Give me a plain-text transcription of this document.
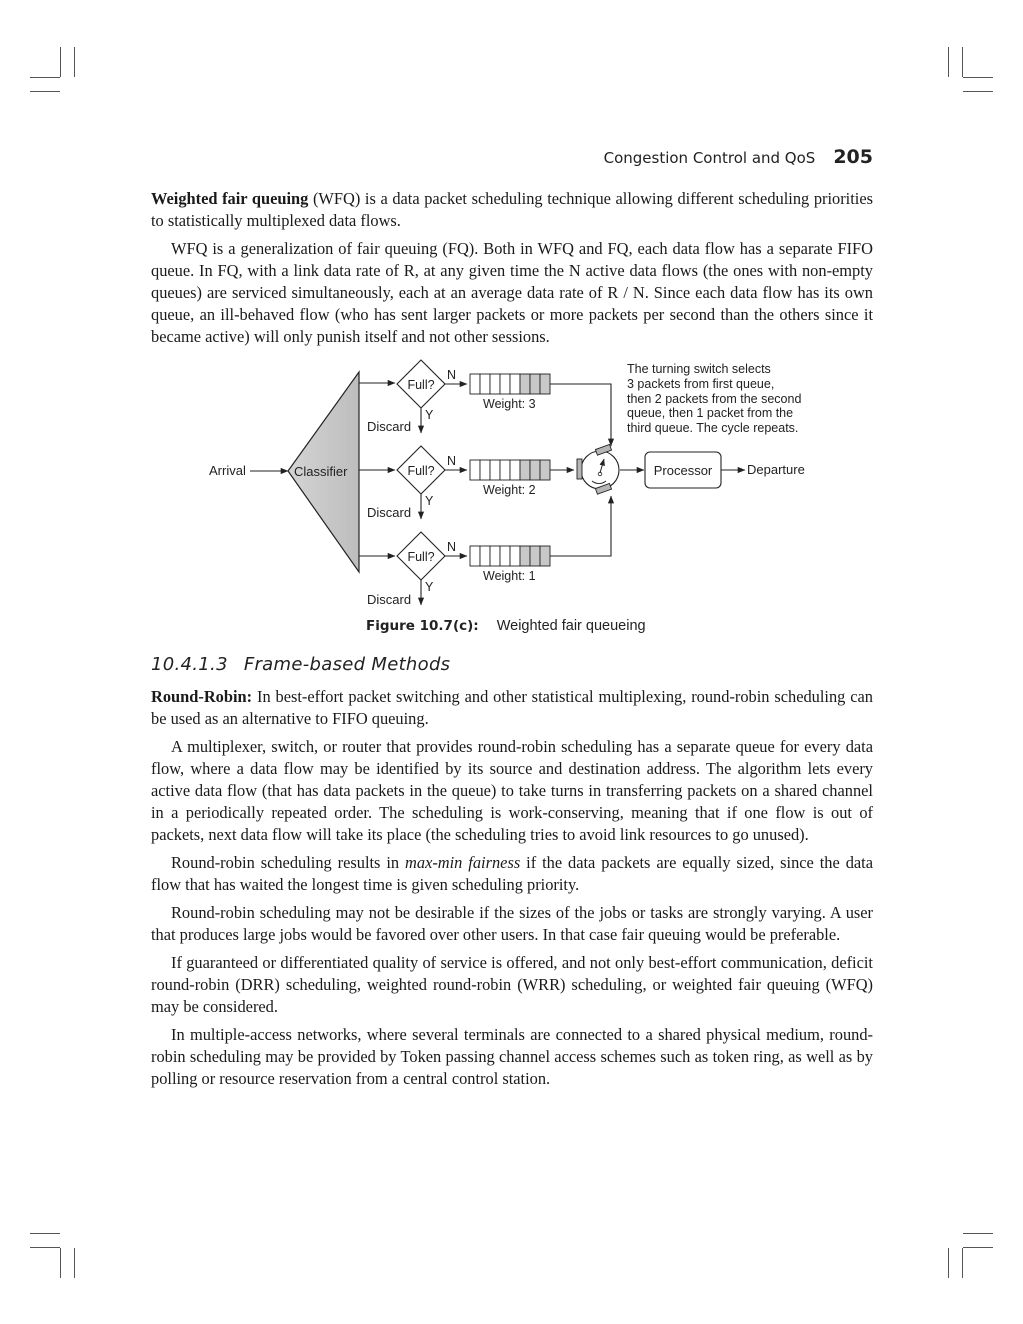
Congestion Control and QoS 205

Weighted fair queuing (WFQ) is a data packet scheduling technique allowing different scheduling priorities to statistically multiplexed data flows.

WFQ is a generalization of fair queuing (FQ). Both in WFQ and FQ, each data flow has a separate FIFO queue. In FQ, with a link data rate of R, at any given time the N active data flows (the ones with non-empty queues) are serviced simultaneously, each at an average data rate of R / N. Since each data flow has its own queue, an ill-behaved flow (who has sent larger packets or more packets per second than the others since it became active) will only punish itself and not other sessions.

Arrival	Classifier
Full?
N
Y
Discard
Weight: 3
Full?
N
Y
Discard
Weight: 2
Full?
N
Y
Discard
Weight: 1
Processor	Departure
The turning switch selects
3 packets from first queue,
then 2 packets from the second
queue, then 1 packet from the
third queue. The cycle repeats.
Figure 10.7(c): Weighted fair queueing
10.4.1.3 Frame-based Methods

Round-Robin: In best-effort packet switching and other statistical multiplexing, round-robin scheduling can be used as an alternative to FIFO queuing.

A multiplexer, switch, or router that provides round-robin scheduling has a separate queue for every data flow, where a data flow may be identified by its source and destination address. The algorithm lets every active data flow (that has data packets in the queue) to take turns in transferring packets on a shared channel in a periodically repeated order. The scheduling is work-conserving, meaning that if one flow is out of packets, next data flow will take its place (the scheduling tries to avoid link resources to go unused).

Round-robin scheduling results in max-min fairness if the data packets are equally sized, since the data flow that has waited the longest time is given scheduling priority.

Round-robin scheduling may not be desirable if the sizes of the jobs or tasks are strongly varying. A user that produces large jobs would be favored over other users. In that case fair queuing would be preferable.

If guaranteed or differentiated quality of service is offered, and not only best-effort communication, deficit round-robin (DRR) scheduling, weighted round-robin (WRR) scheduling, or weighted fair queuing (WFQ) may be considered.

In multiple-access networks, where several terminals are connected to a shared physical medium, round-robin scheduling may be provided by Token passing channel access schemes such as token ring, as well as by polling or resource reservation from a central control station.
